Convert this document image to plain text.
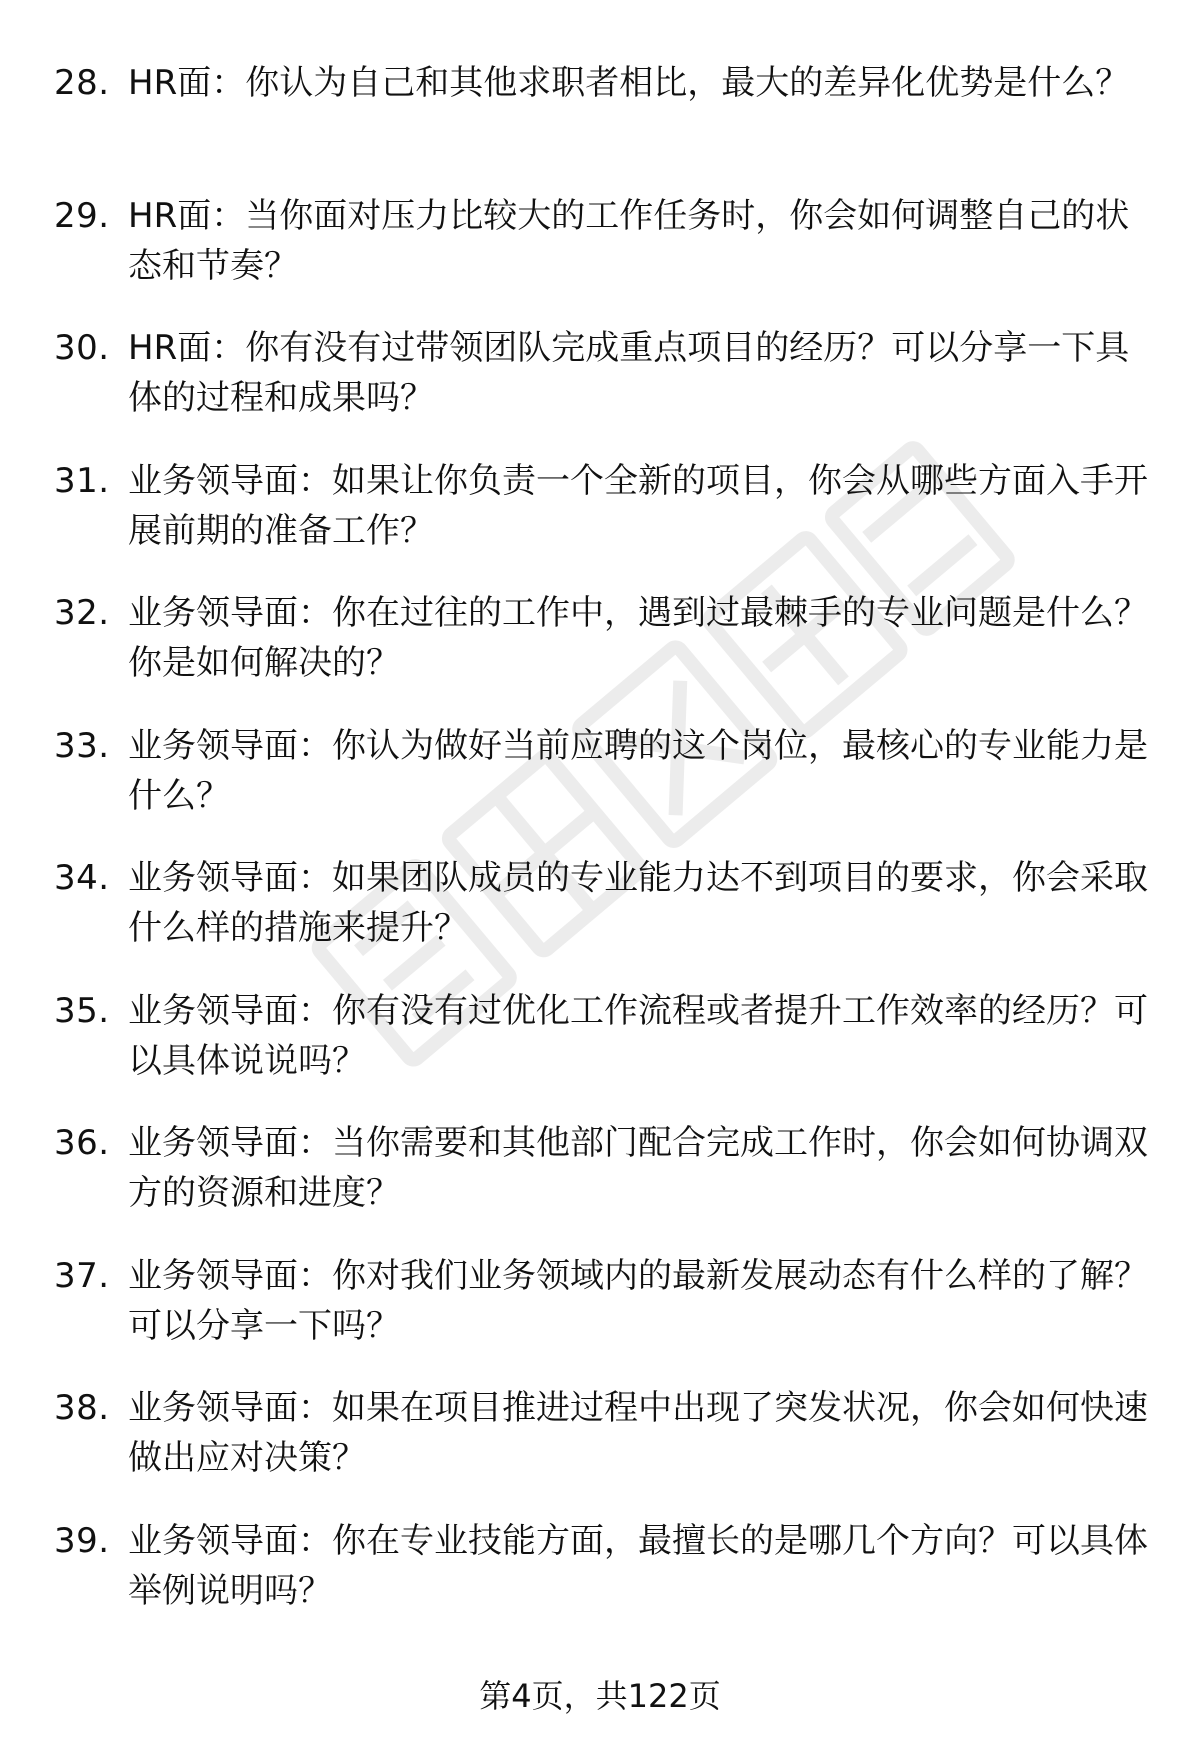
28. HR面：你认为自己和其他求职者相比，最大的差异化优势是什么？
29. HR面：当你面对压力比较大的工作任务时，你会如何调整自己的状态和节奏？
30. HR面：你有没有过带领团队完成重点项目的经历？可以分享一下具体的过程和成果吗？
31. 业务领导面：如果让你负责一个全新的项目，你会从哪些方面入手开展前期的准备工作？
32. 业务领导面：你在过往的工作中，遇到过最棘手的专业问题是什么？你是如何解决的？
33. 业务领导面：你认为做好当前应聘的这个岗位，最核心的专业能力是什么？
34. 业务领导面：如果团队成员的专业能力达不到项目的要求，你会采取什么样的措施来提升？
35. 业务领导面：你有没有过优化工作流程或者提升工作效率的经历？可以具体说说吗？
36. 业务领导面：当你需要和其他部门配合完成工作时，你会如何协调双方的资源和进度？
37. 业务领导面：你对我们业务领域内的最新发展动态有什么样的了解？可以分享一下吗？
38. 业务领导面：如果在项目推进过程中出现了突发状况，你会如何快速做出应对决策？
39. 业务领导面：你在专业技能方面，最擅长的是哪几个方向？可以具体举例说明吗？
第4页，共122页
